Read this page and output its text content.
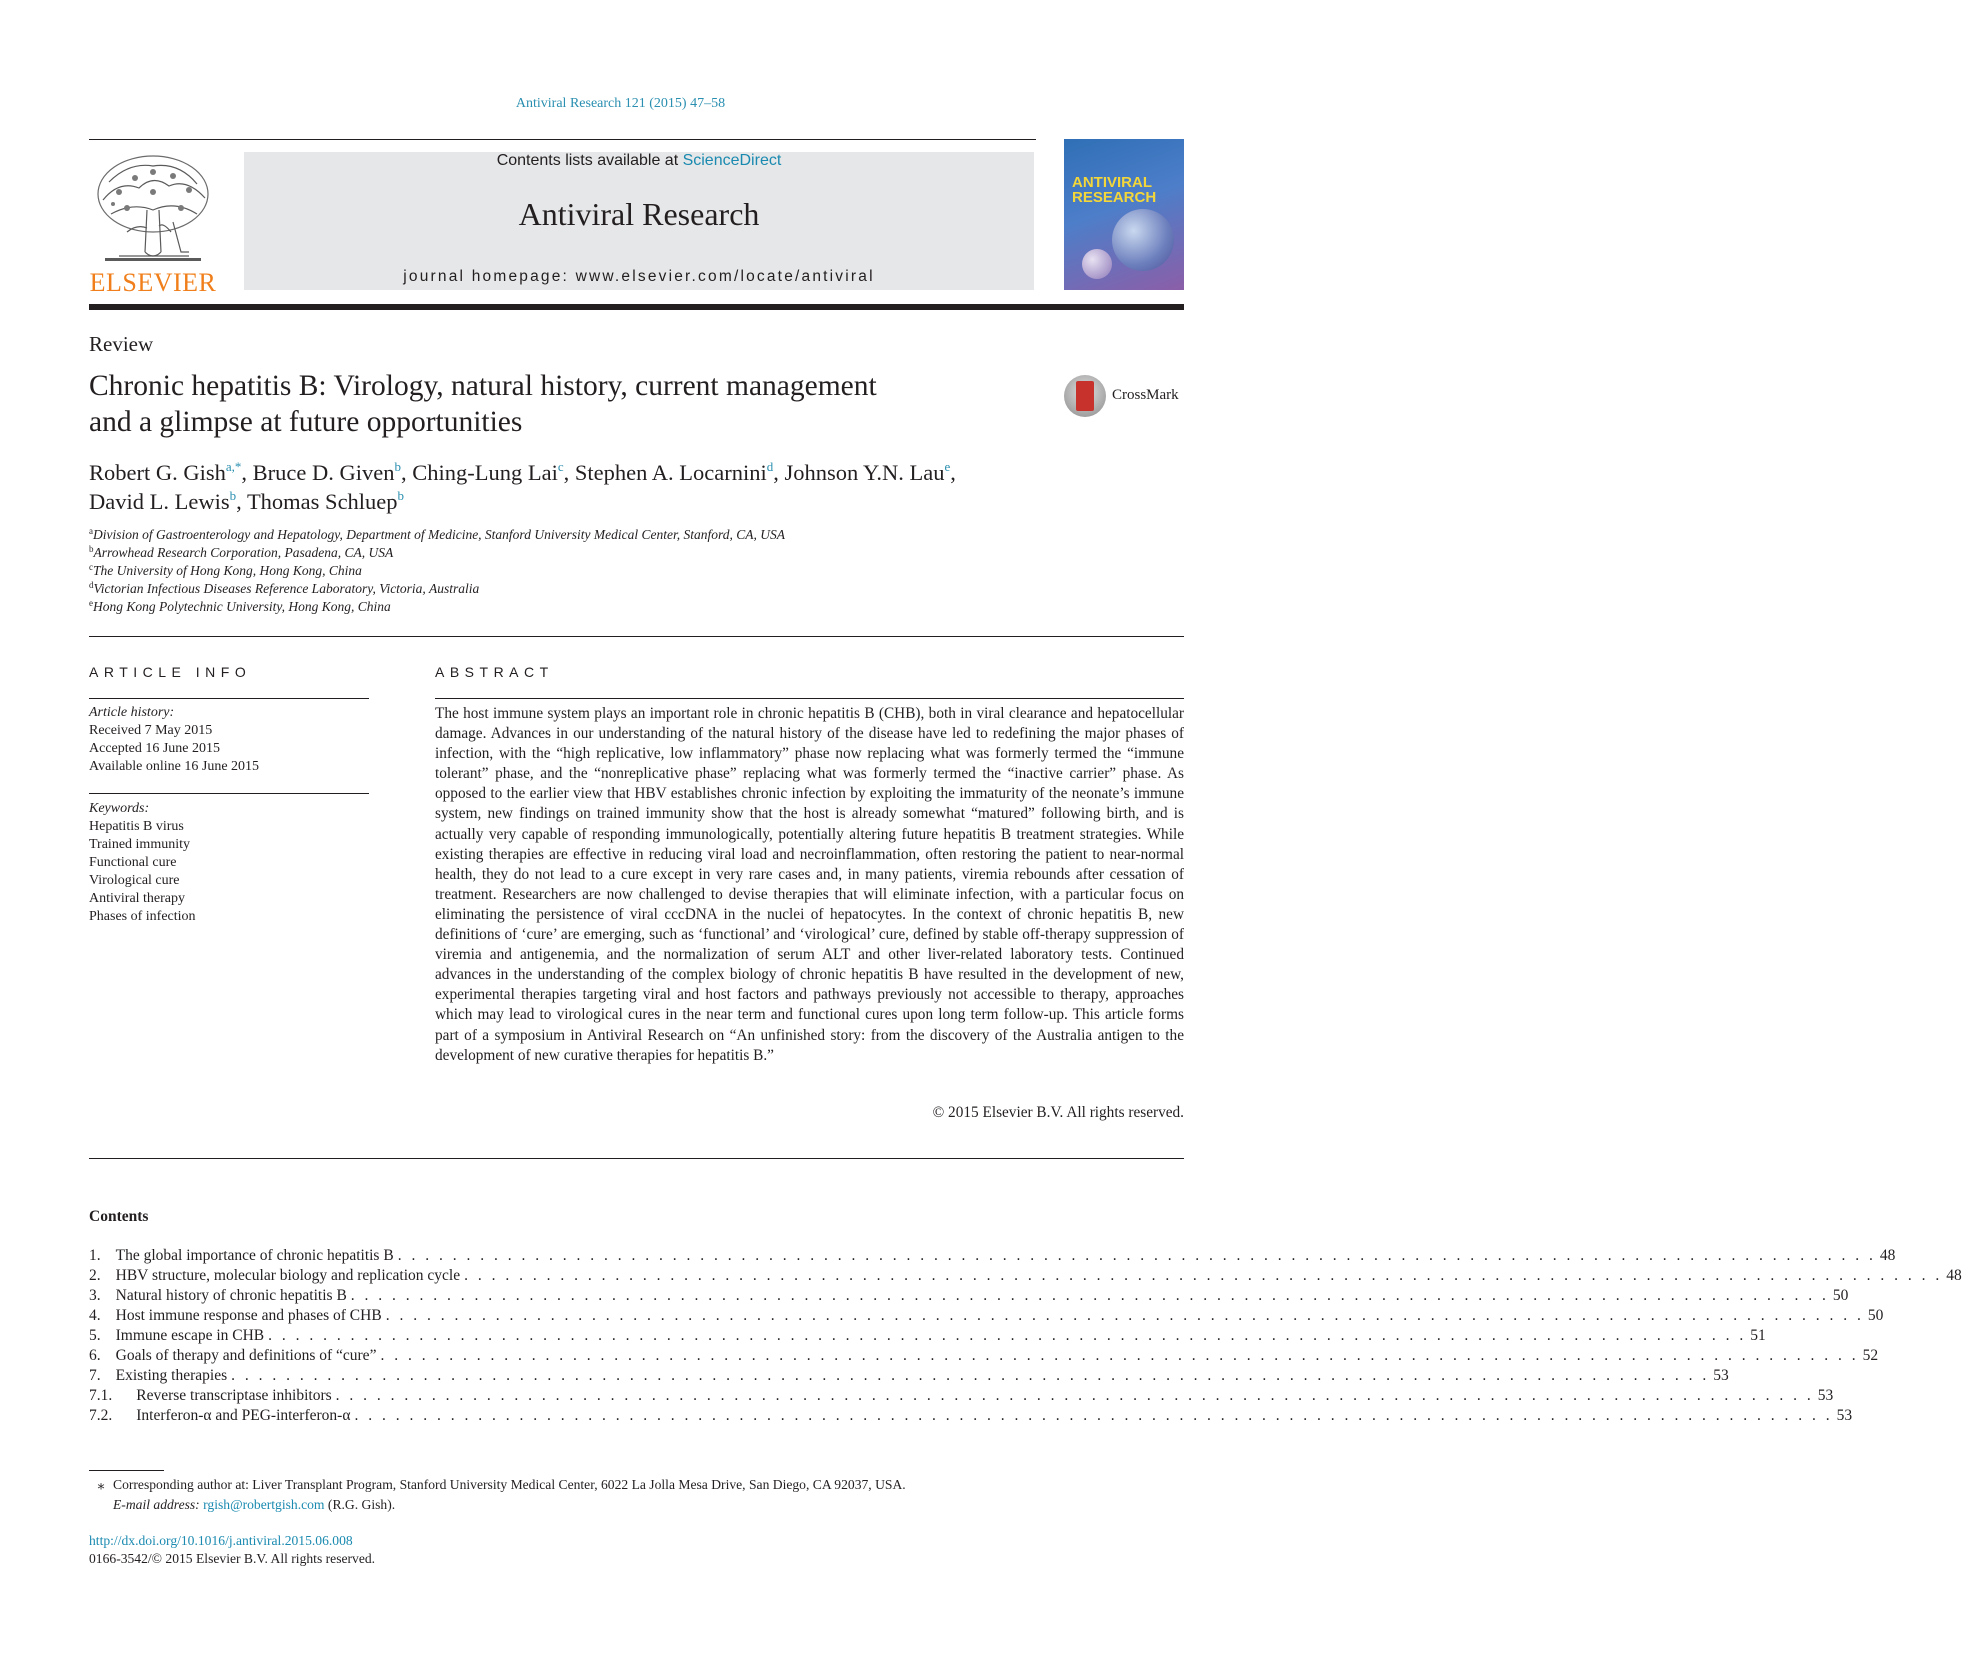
Antiviral Research 121 (2015) 47–58
ELSEVIER
Contents lists available at ScienceDirect
Antiviral Research
journal homepage: www.elsevier.com/locate/antiviral
ANTIVIRAL RESEARCH
Review
Chronic hepatitis B: Virology, natural history, current management
and a glimpse at future opportunities
CrossMark
Robert G. Gish$^{a,*}$, Bruce D. Given$^b$, Ching-Lung Lai$^c$, Stephen A. Locarnini$^d$, Johnson Y.N. Lau$^e$,
David L. Lewis$^b$, Thomas Schluep$^b$
$^a$Division of Gastroenterology and Hepatology, Department of Medicine, Stanford University Medical Center, Stanford, CA, USA
$^b$Arrowhead Research Corporation, Pasadena, CA, USA
$^c$The University of Hong Kong, Hong Kong, China
$^d$Victorian Infectious Diseases Reference Laboratory, Victoria, Australia
$^e$Hong Kong Polytechnic University, Hong Kong, China
ARTICLE INFO
Article history:
Received 7 May 2015
Accepted 16 June 2015
Available online 16 June 2015
Keywords:
Hepatitis B virus
Trained immunity
Functional cure
Virological cure
Antiviral therapy
Phases of infection
ABSTRACT
The host immune system plays an important role in chronic hepatitis B (CHB), both in viral clearance and hepatocellular damage. Advances in our understanding of the natural history of the disease have led to redefining the major phases of infection, with the “high replicative, low inflammatory” phase now replacing what was formerly termed the “immune tolerant” phase, and the “nonreplicative phase” replacing what was formerly termed the “inactive carrier” phase. As opposed to the earlier view that HBV establishes chronic infection by exploiting the immaturity of the neonate’s immune system, new findings on trained immunity show that the host is already somewhat “matured” following birth, and is actually very capable of responding immunologically, potentially altering future hepatitis B treatment strategies. While existing therapies are effective in reducing viral load and necroinflammation, often restoring the patient to near-normal health, they do not lead to a cure except in very rare cases and, in many patients, viremia rebounds after cessation of treatment. Researchers are now challenged to devise therapies that will eliminate infection, with a particular focus on eliminating the persistence of viral cccDNA in the nuclei of hepatocytes. In the context of chronic hepatitis B, new definitions of ‘cure’ are emerging, such as ‘functional’ and ‘virological’ cure, defined by stable off-therapy suppression of viremia and antigenemia, and the normalization of serum ALT and other liver-related laboratory tests. Continued advances in the understanding of the complex biology of chronic hepatitis B have resulted in the development of new, experimental therapies targeting viral and host factors and pathways previously not accessible to therapy, approaches which may lead to virological cures in the near term and functional cures upon long term follow-up. This article forms part of a symposium in Antiviral Research on “An unfinished story: from the discovery of the Australia antigen to the development of new curative therapies for hepatitis B.”
© 2015 Elsevier B.V. All rights reserved.
Contents
1. The global importance of chronic hepatitis B . . . . . . . . . . . . . . . . . . . . . . . . . . . . . . . . . . . . . . . . . . . . . . . . . . . . . . . . . . . . . . . . . . . . . . . . . . . . . . . . . . . . . . . . . . . . . . . . . . . . . . . . . . . . 48
2. HBV structure, molecular biology and replication cycle . . . . . . . . . . . . . . . . . . . . . . . . . . . . . . . . . . . . . . . . . . . . . . . . . . . . . . . . . . . . . . . . . . . . . . . . . . . . . . . . . . . . . . . . . . . . . . . . . . . . . . . . . . . . 48
3. Natural history of chronic hepatitis B . . . . . . . . . . . . . . . . . . . . . . . . . . . . . . . . . . . . . . . . . . . . . . . . . . . . . . . . . . . . . . . . . . . . . . . . . . . . . . . . . . . . . . . . . . . . . . . . . . . . . . . . . . . . 50
4. Host immune response and phases of CHB . . . . . . . . . . . . . . . . . . . . . . . . . . . . . . . . . . . . . . . . . . . . . . . . . . . . . . . . . . . . . . . . . . . . . . . . . . . . . . . . . . . . . . . . . . . . . . . . . . . . . . . . . . . . 50
5. Immune escape in CHB . . . . . . . . . . . . . . . . . . . . . . . . . . . . . . . . . . . . . . . . . . . . . . . . . . . . . . . . . . . . . . . . . . . . . . . . . . . . . . . . . . . . . . . . . . . . . . . . . . . . . . . . . . . . 51
6. Goals of therapy and definitions of “cure” . . . . . . . . . . . . . . . . . . . . . . . . . . . . . . . . . . . . . . . . . . . . . . . . . . . . . . . . . . . . . . . . . . . . . . . . . . . . . . . . . . . . . . . . . . . . . . . . . . . . . . . . . . . . 52
7. Existing therapies . . . . . . . . . . . . . . . . . . . . . . . . . . . . . . . . . . . . . . . . . . . . . . . . . . . . . . . . . . . . . . . . . . . . . . . . . . . . . . . . . . . . . . . . . . . . . . . . . . . . . . . . . . . . 53
7.1.	Reverse transcriptase inhibitors . . . . . . . . . . . . . . . . . . . . . . . . . . . . . . . . . . . . . . . . . . . . . . . . . . . . . . . . . . . . . . . . . . . . . . . . . . . . . . . . . . . . . . . . . . . . . . . . . . . . . . . . . . . . 53
7.2.	Interferon-α and PEG-interferon-α . . . . . . . . . . . . . . . . . . . . . . . . . . . . . . . . . . . . . . . . . . . . . . . . . . . . . . . . . . . . . . . . . . . . . . . . . . . . . . . . . . . . . . . . . . . . . . . . . . . . . . . . . . . . 53
⁎ Corresponding author at: Liver Transplant Program, Stanford University Medical Center, 6022 La Jolla Mesa Drive, San Diego, CA 92037, USA.
E-mail address: rgish@robertgish.com (R.G. Gish).
http://dx.doi.org/10.1016/j.antiviral.2015.06.008
0166-3542/© 2015 Elsevier B.V. All rights reserved.
